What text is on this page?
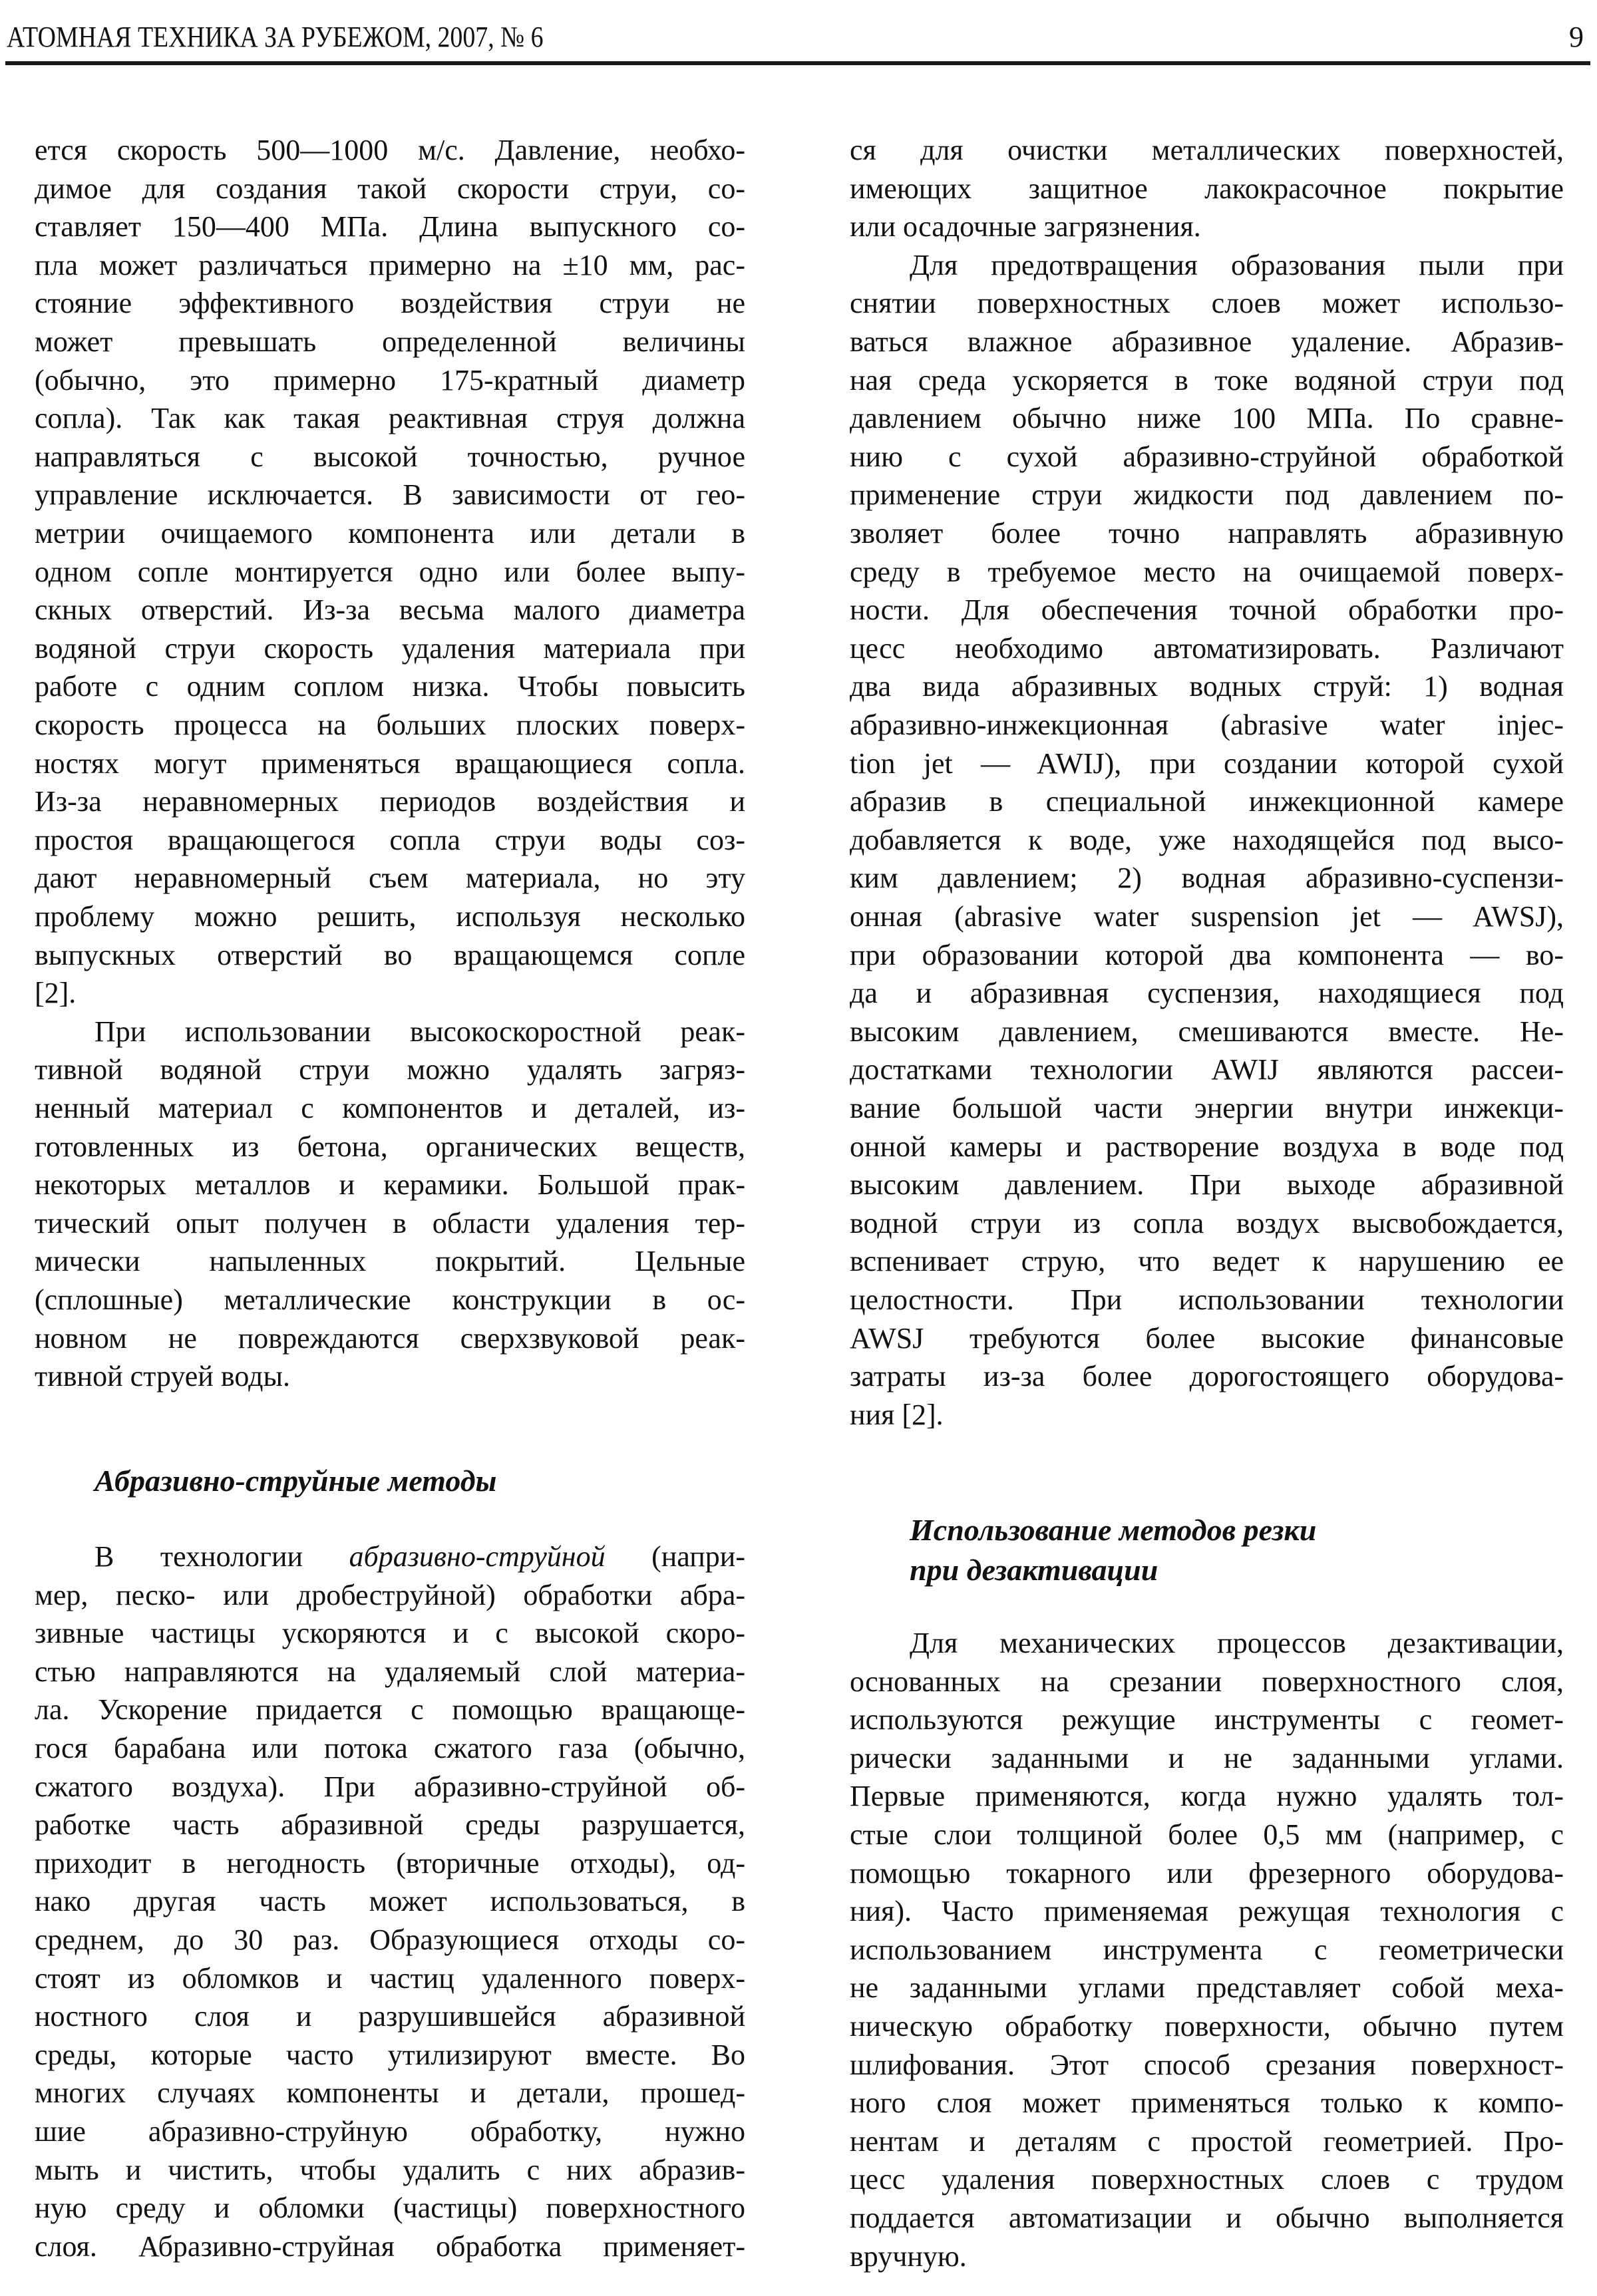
АТОМНАЯ ТЕХНИКА ЗА РУБЕЖОМ, 2007, № 6	9
ется скорость 500—1000 м/с. Давление, необхо-
димое для создания такой скорости струи, со-
ставляет 150—400 МПа. Длина выпускного со-
пла может различаться примерно на ±10 мм, рас-
стояние эффективного воздействия струи не
может превышать определенной величины
(обычно, это примерно 175-кратный диаметр
сопла). Так как такая реактивная струя должна
направляться с высокой точностью, ручное
управление исключается. В зависимости от гео-
метрии очищаемого компонента или детали в
одном сопле монтируется одно или более выпу-
скных отверстий. Из-за весьма малого диаметра
водяной струи скорость удаления материала при
работе с одним соплом низка. Чтобы повысить
скорость процесса на больших плоских поверх-
ностях могут применяться вращающиеся сопла.
Из-за неравномерных периодов воздействия и
простоя вращающегося сопла струи воды соз-
дают неравномерный съем материала, но эту
проблему можно решить, используя несколько
выпускных отверстий во вращающемся сопле
[2].
При использовании высокоскоростной реак-
тивной водяной струи можно удалять загряз-
ненный материал с компонентов и деталей, из-
готовленных из бетона, органических веществ,
некоторых металлов и керамики. Большой прак-
тический опыт получен в области удаления тер-
мически напыленных покрытий. Цельные
(сплошные) металлические конструкции в ос-
новном не повреждаются сверхзвуковой реак-
тивной струей воды.
Абразивно-струйные методы
В технологии абразивно-струйной (напри-
мер, песко- или дробеструйной) обработки абра-
зивные частицы ускоряются и с высокой скоро-
стью направляются на удаляемый слой материа-
ла. Ускорение придается с помощью вращающе-
гося барабана или потока сжатого газа (обычно,
сжатого воздуха). При абразивно-струйной об-
работке часть абразивной среды разрушается,
приходит в негодность (вторичные отходы), од-
нако другая часть может использоваться, в
среднем, до 30 раз. Образующиеся отходы со-
стоят из обломков и частиц удаленного поверх-
ностного слоя и разрушившейся абразивной
среды, которые часто утилизируют вместе. Во
многих случаях компоненты и детали, прошед-
шие абразивно-струйную обработку, нужно
мыть и чистить, чтобы удалить с них абразив-
ную среду и обломки (частицы) поверхностного
слоя. Абразивно-струйная обработка применяет-
ся для очистки металлических поверхностей,
имеющих защитное лакокрасочное покрытие
или осадочные загрязнения.
Для предотвращения образования пыли при
снятии поверхностных слоев может использо-
ваться влажное абразивное удаление. Абразив-
ная среда ускоряется в токе водяной струи под
давлением обычно ниже 100 МПа. По сравне-
нию с сухой абразивно-струйной обработкой
применение струи жидкости под давлением по-
зволяет более точно направлять абразивную
среду в требуемое место на очищаемой поверх-
ности. Для обеспечения точной обработки про-
цесс необходимо автоматизировать. Различают
два вида абразивных водных струй: 1) водная
абразивно-инжекционная (abrasive water injec-
tion jet — AWIJ), при создании которой сухой
абразив в специальной инжекционной камере
добавляется к воде, уже находящейся под высо-
ким давлением; 2) водная абразивно-суспензи-
онная (abrasive water suspension jet — AWSJ),
при образовании которой два компонента — во-
да и абразивная суспензия, находящиеся под
высоким давлением, смешиваются вместе. Не-
достатками технологии AWIJ являются рассеи-
вание большой части энергии внутри инжекци-
онной камеры и растворение воздуха в воде под
высоким давлением. При выходе абразивной
водной струи из сопла воздух высвобождается,
вспенивает струю, что ведет к нарушению ее
целостности. При использовании технологии
AWSJ требуются более высокие финансовые
затраты из-за более дорогостоящего оборудова-
ния [2].
Использование методов резки
при дезактивации
Для механических процессов дезактивации,
основанных на срезании поверхностного слоя,
используются режущие инструменты с геомет-
рически заданными и не заданными углами.
Первые применяются, когда нужно удалять тол-
стые слои толщиной более 0,5 мм (например, с
помощью токарного или фрезерного оборудова-
ния). Часто применяемая режущая технология с
использованием инструмента с геометрически
не заданными углами представляет собой меха-
ническую обработку поверхности, обычно путем
шлифования. Этот способ срезания поверхност-
ного слоя может применяться только к компо-
нентам и деталям с простой геометрией. Про-
цесс удаления поверхностных слоев с трудом
поддается автоматизации и обычно выполняется
вручную.
